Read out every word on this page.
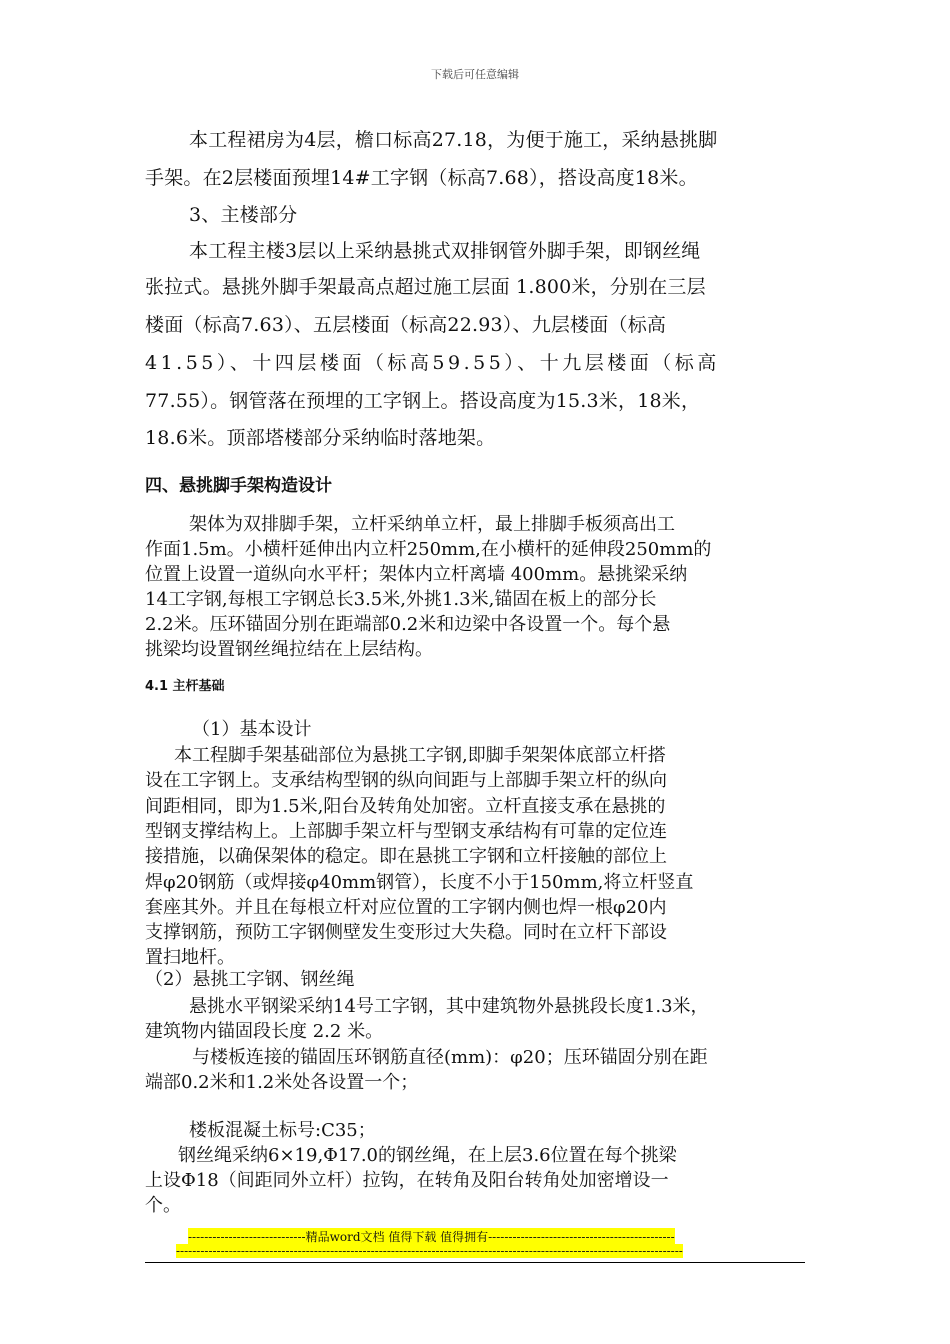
下载后可任意编辑
本工程裙房为4层，檐口标高27.18，为便于施工，采纳悬挑脚
手架。在2层楼面预埋14#工字钢（标高7.68），搭设高度18米。
3、主楼部分
本工程主楼3层以上采纳悬挑式双排钢管外脚手架，即钢丝绳
张拉式。悬挑外脚手架最高点超过施工层面 1.800米，分别在三层
楼面（标高7.63）、五层楼面（标高22.93）、九层楼面（标高
41.55）、十四层楼面（标高59.55）、十九层楼面（标高
77.55）。钢管落在预埋的工字钢上。搭设高度为15.3米，18米，
18.6米。顶部塔楼部分采纳临时落地架。
四、悬挑脚手架构造设计
架体为双排脚手架，立杆采纳单立杆，最上排脚手板须高出工
作面1.5m。小横杆延伸出内立杆250mm,在小横杆的延伸段250mm的
位置上设置一道纵向水平杆；架体内立杆离墙 400mm。悬挑梁采纳
14工字钢,每根工字钢总长3.5米,外挑1.3米,锚固在板上的部分长
2.2米。压环锚固分别在距端部0.2米和边梁中各设置一个。每个悬
挑梁均设置钢丝绳拉结在上层结构。
4.1 主杆基础
（1）基本设计
本工程脚手架基础部位为悬挑工字钢,即脚手架架体底部立杆搭
设在工字钢上。支承结构型钢的纵向间距与上部脚手架立杆的纵向
间距相同，即为1.5米,阳台及转角处加密。立杆直接支承在悬挑的
型钢支撑结构上。上部脚手架立杆与型钢支承结构有可靠的定位连
接措施，以确保架体的稳定。即在悬挑工字钢和立杆接触的部位上
焊φ20钢筋（或焊接φ40mm钢管），长度不小于150mm,将立杆竖直
套座其外。并且在每根立杆对应位置的工字钢内侧也焊一根φ20内
支撑钢筋，预防工字钢侧壁发生变形过大失稳。同时在立杆下部设
置扫地杆。
（2）悬挑工字钢、钢丝绳
悬挑水平钢梁采纳14号工字钢，其中建筑物外悬挑段长度1.3米，
建筑物内锚固段长度 2.2 米。
与楼板连接的锚固压环钢筋直径(mm)：φ20；压环锚固分别在距
端部0.2米和1.2米处各设置一个；
楼板混凝土标号:C35；
钢丝绳采纳6×19,Φ17.0的钢丝绳，在上层3.6位置在每个挑梁
上设Φ18（间距同外立杆）拉钩，在转角及阳台转角处加密增设一
个。
-----------------------------精品word文档 值得下载 值得拥有----------------------------------------------
-----------------------------------------------------------------------------------------------------------------------------
